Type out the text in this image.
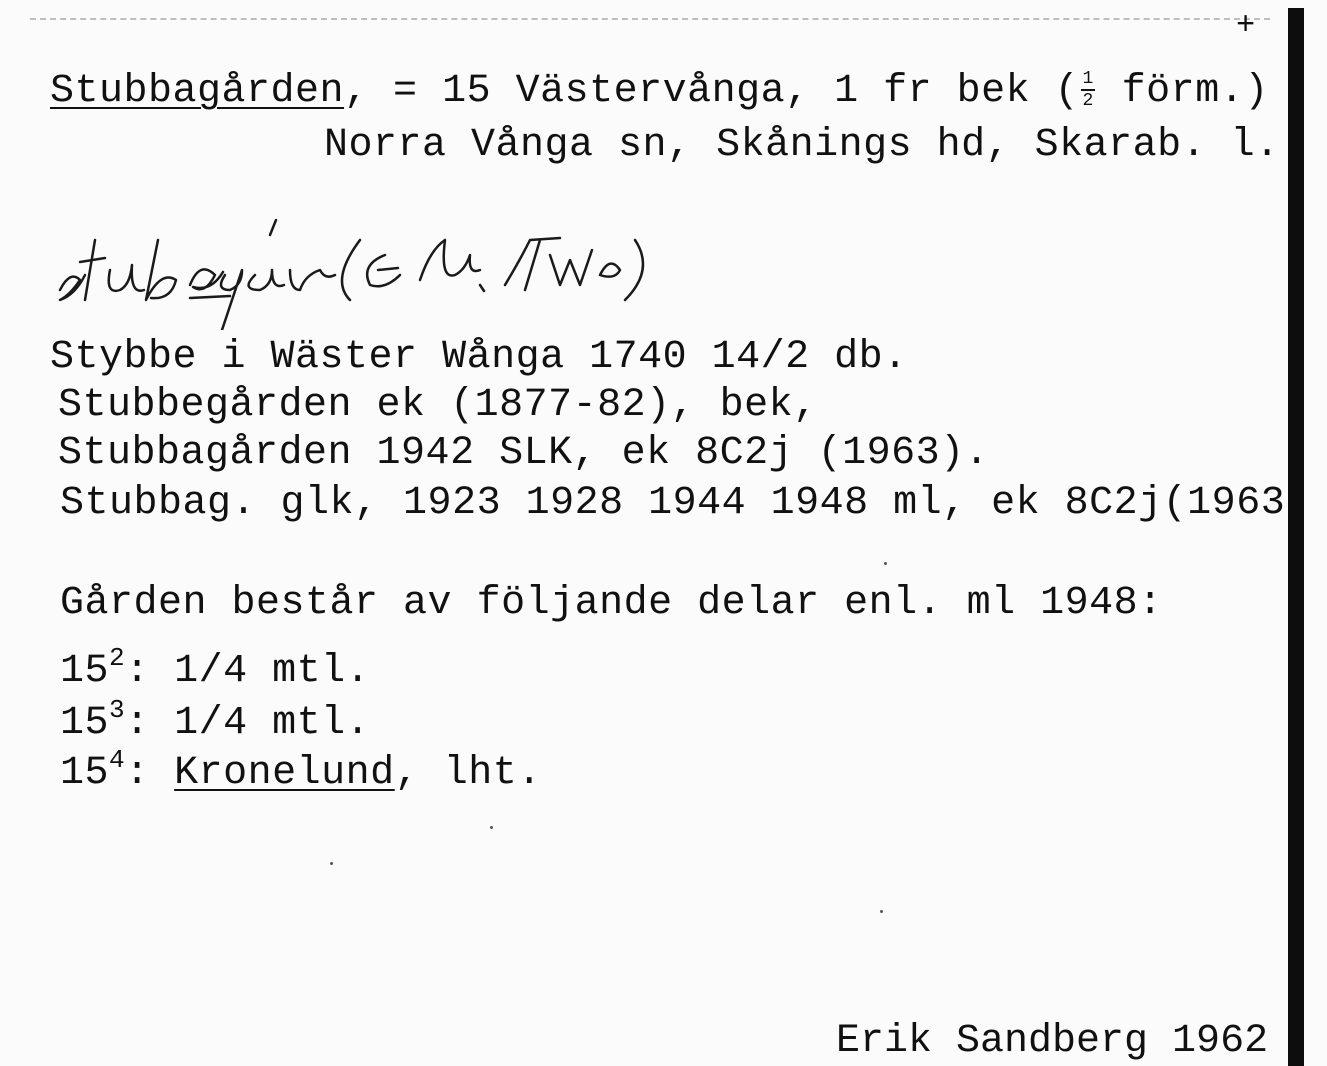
+
Stubbagården, = 15 Västervånga, 1 fr bek ( $\frac{1}{2}$ förm.)
Norra Vånga sn, Skånings hd, Skarab. l.
Stybbe i Wäster Wånga 1740 14/2 db.
Stubbegården ek (1877-82), bek,
Stubbagården 1942 SLK, ek 8C2j (1963).
Stubbag. glk, 1923 1928 1944 1948 ml, ek 8C2j(1963
Gården består av följande delar enl. ml 1948:
$15^2$: 1/4 mtl.
$15^3$: 1/4 mtl.
$15^4$: Kronelund, lht.
Erik Sandberg 1962
